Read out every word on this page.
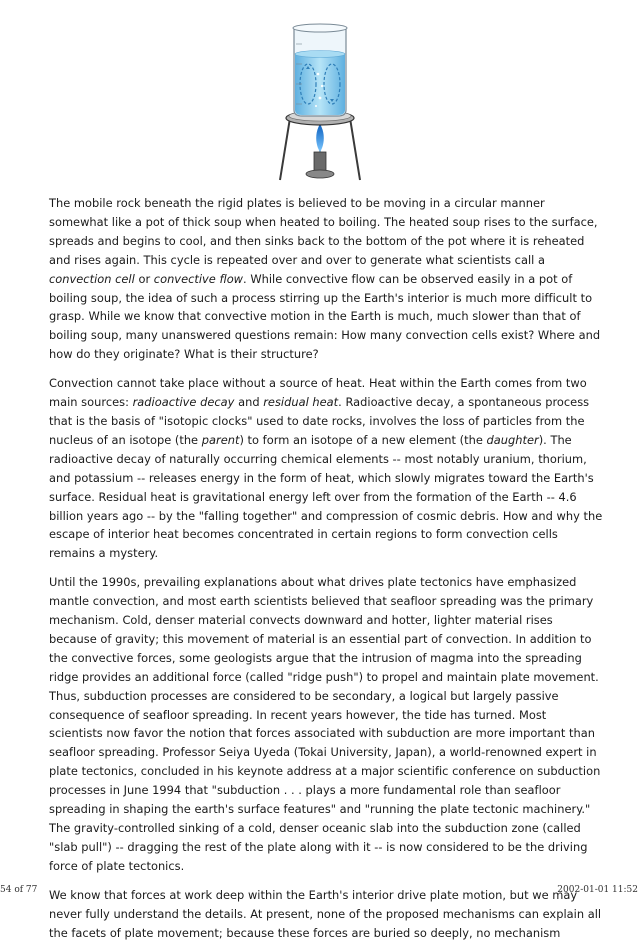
The mobile rock beneath the rigid plates is believed to be moving in a circular manner somewhat like a pot of thick soup when heated to boiling. The heated soup rises to the surface, spreads and begins to cool, and then sinks back to the bottom of the pot where it is reheated and rises again. This cycle is repeated over and over to generate what scientists call a convection cell or convective flow. While convective flow can be observed easily in a pot of boiling soup, the idea of such a process stirring up the Earth's interior is much more difficult to grasp. While we know that convective motion in the Earth is much, much slower than that of boiling soup, many unanswered questions remain: How many convection cells exist? Where and how do they originate? What is their structure?

Convection cannot take place without a source of heat. Heat within the Earth comes from two main sources: radioactive decay and residual heat. Radioactive decay, a spontaneous process that is the basis of "isotopic clocks" used to date rocks, involves the loss of particles from the nucleus of an isotope (the parent) to form an isotope of a new element (the daughter). The radioactive decay of naturally occurring chemical elements -- most notably uranium, thorium, and potassium -- releases energy in the form of heat, which slowly migrates toward the Earth's surface. Residual heat is gravitational energy left over from the formation of the Earth -- 4.6 billion years ago -- by the "falling together" and compression of cosmic debris. How and why the escape of interior heat becomes concentrated in certain regions to form convection cells remains a mystery.

Until the 1990s, prevailing explanations about what drives plate tectonics have emphasized mantle convection, and most earth scientists believed that seafloor spreading was the primary mechanism. Cold, denser material convects downward and hotter, lighter material rises because of gravity; this movement of material is an essential part of convection. In addition to the convective forces, some geologists argue that the intrusion of magma into the spreading ridge provides an additional force (called "ridge push") to propel and maintain plate movement. Thus, subduction processes are considered to be secondary, a logical but largely passive consequence of seafloor spreading. In recent years however, the tide has turned. Most scientists now favor the notion that forces associated with subduction are more important than seafloor spreading. Professor Seiya Uyeda (Tokai University, Japan), a world-renowned expert in plate tectonics, concluded in his keynote address at a major scientific conference on subduction processes in June 1994 that "subduction . . . plays a more fundamental role than seafloor spreading in shaping the earth's surface features" and "running the plate tectonic machinery." The gravity-controlled sinking of a cold, denser oceanic slab into the subduction zone (called "slab pull") -- dragging the rest of the plate along with it -- is now considered to be the driving force of plate tectonics.

We know that forces at work deep within the Earth's interior drive plate motion, but we may never fully understand the details. At present, none of the proposed mechanisms can explain all the facets of plate movement; because these forces are buried so deeply, no mechanism

54 of 77	2002-01-01 11:52
